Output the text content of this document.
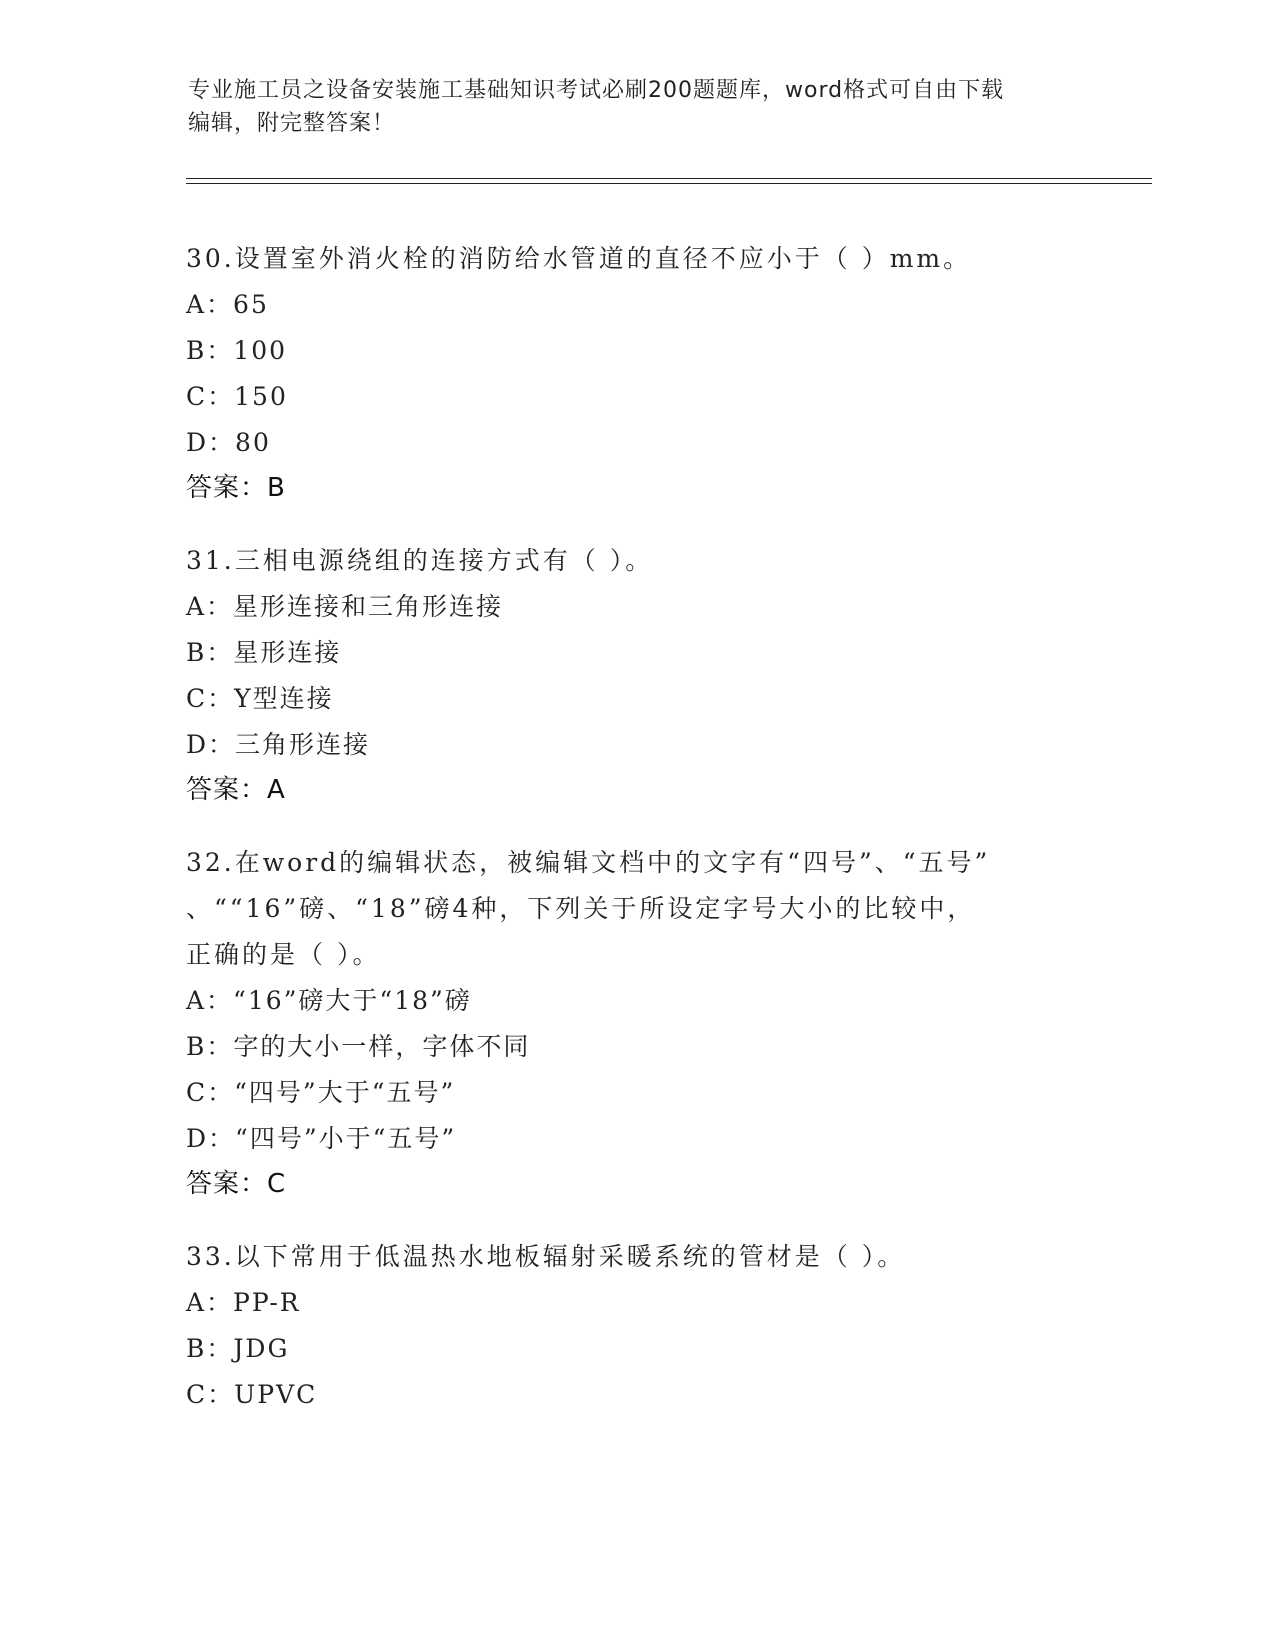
专业施工员之设备安装施工基础知识考试必刷200题题库，word格式可自由下载
编辑，附完整答案！
30.设置室外消火栓的消防给水管道的直径不应小于（ ）mm。
A：65
B：100
C：150
D：80
答案：B
31.三相电源绕组的连接方式有（ ）。
A：星形连接和三角形连接
B：星形连接
C：Y型连接
D：三角形连接
答案：A
32.在word的编辑状态，被编辑文档中的文字有“四号”、“五号”
、““16”磅、“18”磅4种，下列关于所设定字号大小的比较中，
正确的是（ ）。
A：“16”磅大于“18”磅
B：字的大小一样，字体不同
C：“四号”大于“五号”
D：“四号”小于“五号”
答案：C
33.以下常用于低温热水地板辐射采暖系统的管材是（ ）。
A：PP-R
B：JDG
C：UPVC
